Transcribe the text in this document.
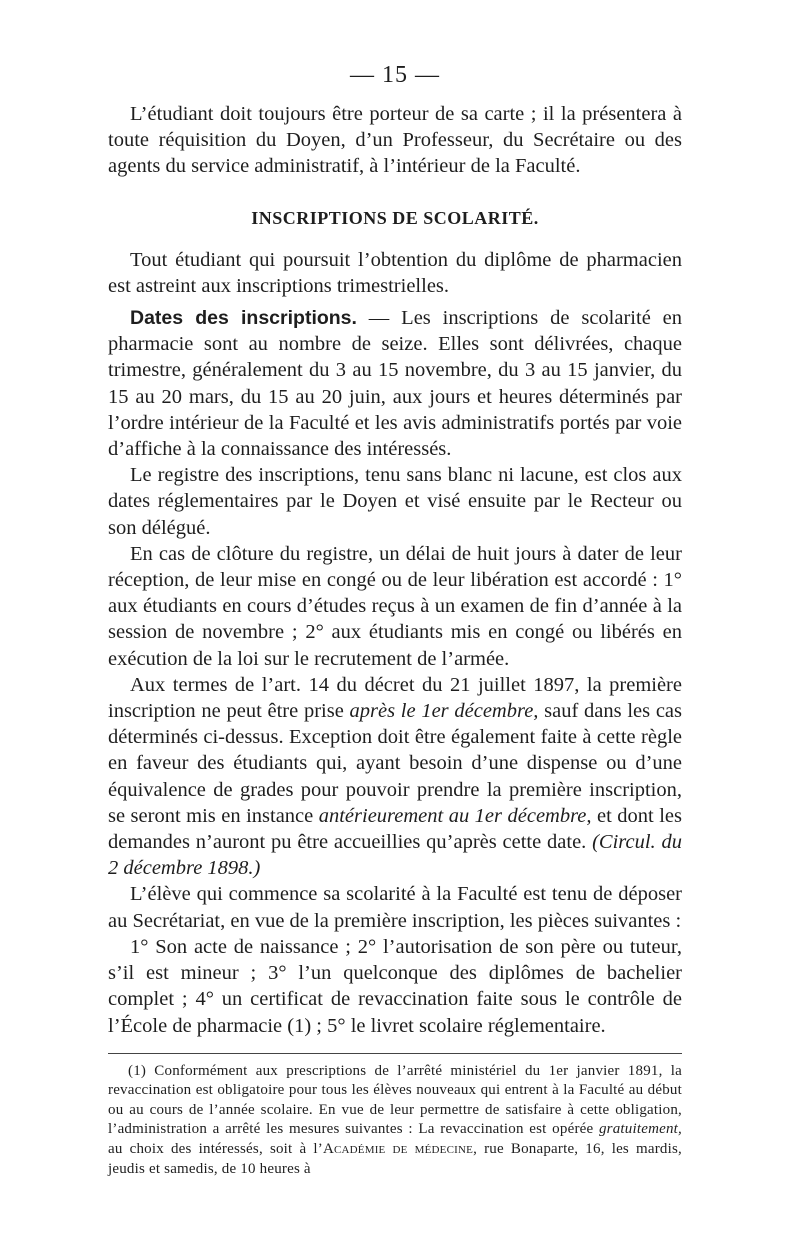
— 15 —

L’étudiant doit toujours être porteur de sa carte ; il la présentera à toute réquisition du Doyen, d’un Professeur, du Secrétaire ou des agents du service administratif, à l’intérieur de la Faculté.

INSCRIPTIONS DE SCOLARITÉ.

Tout étudiant qui poursuit l’obtention du diplôme de pharmacien est astreint aux inscriptions trimestrielles.

Dates des inscriptions. — Les inscriptions de scolarité en pharmacie sont au nombre de seize. Elles sont délivrées, chaque trimestre, généralement du 3 au 15 novembre, du 3 au 15 janvier, du 15 au 20 mars, du 15 au 20 juin, aux jours et heures déterminés par l’ordre intérieur de la Faculté et les avis administratifs portés par voie d’affiche à la connaissance des intéressés.

Le registre des inscriptions, tenu sans blanc ni lacune, est clos aux dates réglementaires par le Doyen et visé ensuite par le Recteur ou son délégué.

En cas de clôture du registre, un délai de huit jours à dater de leur réception, de leur mise en congé ou de leur libération est accordé : 1° aux étudiants en cours d’études reçus à un examen de fin d’année à la session de novembre ; 2° aux étudiants mis en congé ou libérés en exécution de la loi sur le recrutement de l’armée.

Aux termes de l’art. 14 du décret du 21 juillet 1897, la première inscription ne peut être prise après le 1er décembre, sauf dans les cas déterminés ci-dessus. Exception doit être également faite à cette règle en faveur des étudiants qui, ayant besoin d’une dispense ou d’une équivalence de grades pour pouvoir prendre la première inscription, se seront mis en instance antérieurement au 1er décembre, et dont les demandes n’auront pu être accueillies qu’après cette date. (Circul. du 2 décembre 1898.)

L’élève qui commence sa scolarité à la Faculté est tenu de déposer au Secrétariat, en vue de la première inscription, les pièces suivantes :

1° Son acte de naissance ; 2° l’autorisation de son père ou tuteur, s’il est mineur ; 3° l’un quelconque des diplômes de bachelier complet ; 4° un certificat de revaccination faite sous le contrôle de l’École de pharmacie (1) ; 5° le livret scolaire réglementaire.

(1) Conformément aux prescriptions de l’arrêté ministériel du 1er janvier 1891, la revaccination est obligatoire pour tous les élèves nouveaux qui entrent à la Faculté au début ou au cours de l’année scolaire. En vue de leur permettre de satisfaire à cette obligation, l’administration a arrêté les mesures suivantes : La revaccination est opérée gratuitement, au choix des intéressés, soit à l’Académie de médecine, rue Bonaparte, 16, les mardis, jeudis et samedis, de 10 heures à
